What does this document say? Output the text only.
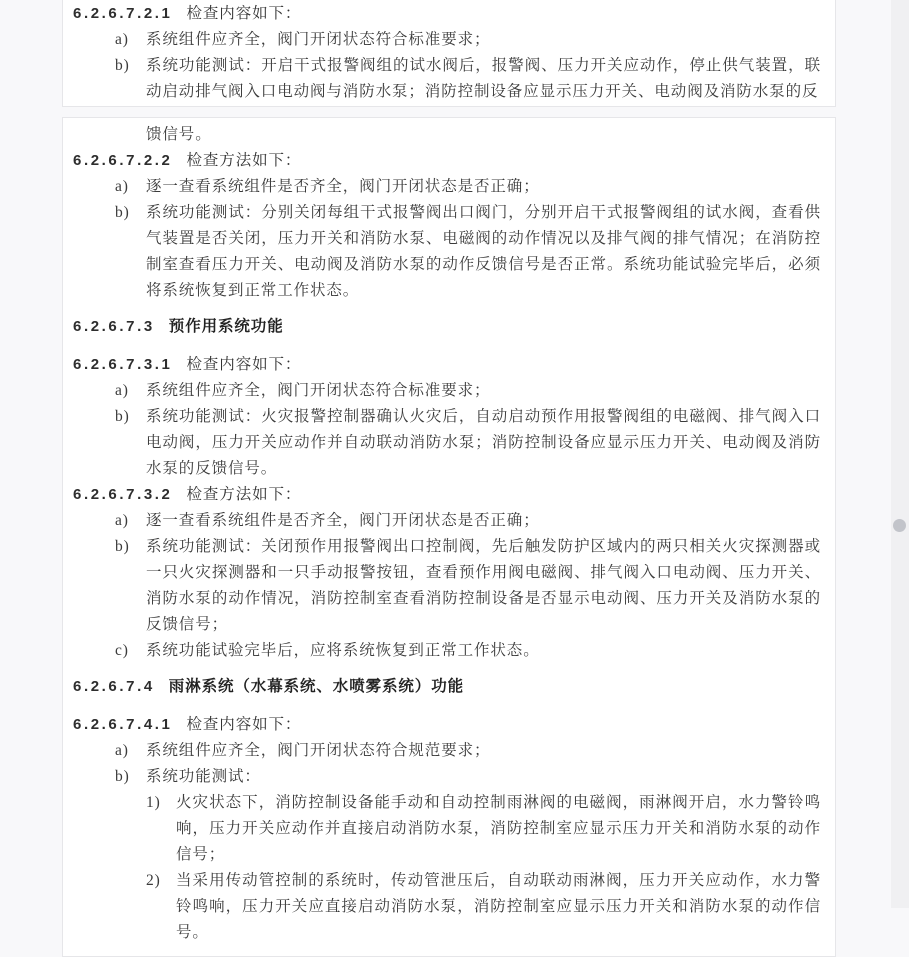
6.2.6.7.2.1 检查内容如下：
a)	系统组件应齐全，阀门开闭状态符合标准要求；
b)	系统功能测试：开启干式报警阀组的试水阀后，报警阀、压力开关应动作，停止供气装置，联动启动排气阀入口电动阀与消防水泵；消防控制设备应显示压力开关、电动阀及消防水泵的反
馈信号。
6.2.6.7.2.2 检查方法如下：
a)	逐一查看系统组件是否齐全，阀门开闭状态是否正确；
b)	系统功能测试：分别关闭每组干式报警阀出口阀门，分别开启干式报警阀组的试水阀，查看供气装置是否关闭，压力开关和消防水泵、电磁阀的动作情况以及排气阀的排气情况；在消防控制室查看压力开关、电动阀及消防水泵的动作反馈信号是否正常。系统功能试验完毕后，必须将系统恢复到正常工作状态。
6.2.6.7.3 预作用系统功能
6.2.6.7.3.1 检查内容如下：
a)	系统组件应齐全，阀门开闭状态符合标准要求；
b)	系统功能测试：火灾报警控制器确认火灾后，自动启动预作用报警阀组的电磁阀、排气阀入口电动阀，压力开关应动作并自动联动消防水泵；消防控制设备应显示压力开关、电动阀及消防水泵的反馈信号。
6.2.6.7.3.2 检查方法如下：
a)	逐一查看系统组件是否齐全，阀门开闭状态是否正确；
b)	系统功能测试：关闭预作用报警阀出口控制阀，先后触发防护区域内的两只相关火灾探测器或一只火灾探测器和一只手动报警按钮，查看预作用阀电磁阀、排气阀入口电动阀、压力开关、消防水泵的动作情况，消防控制室查看消防控制设备是否显示电动阀、压力开关及消防水泵的反馈信号；
c)	系统功能试验完毕后，应将系统恢复到正常工作状态。
6.2.6.7.4 雨淋系统（水幕系统、水喷雾系统）功能
6.2.6.7.4.1 检查内容如下：
a)	系统组件应齐全，阀门开闭状态符合规范要求；
b)	系统功能测试：
1) 火灾状态下，消防控制设备能手动和自动控制雨淋阀的电磁阀，雨淋阀开启，水力警铃鸣响，压力开关应动作并直接启动消防水泵，消防控制室应显示压力开关和消防水泵的动作信号；
2) 当采用传动管控制的系统时，传动管泄压后，自动联动雨淋阀，压力开关应动作，水力警铃鸣响，压力开关应直接启动消防水泵，消防控制室应显示压力开关和消防水泵的动作信号。
